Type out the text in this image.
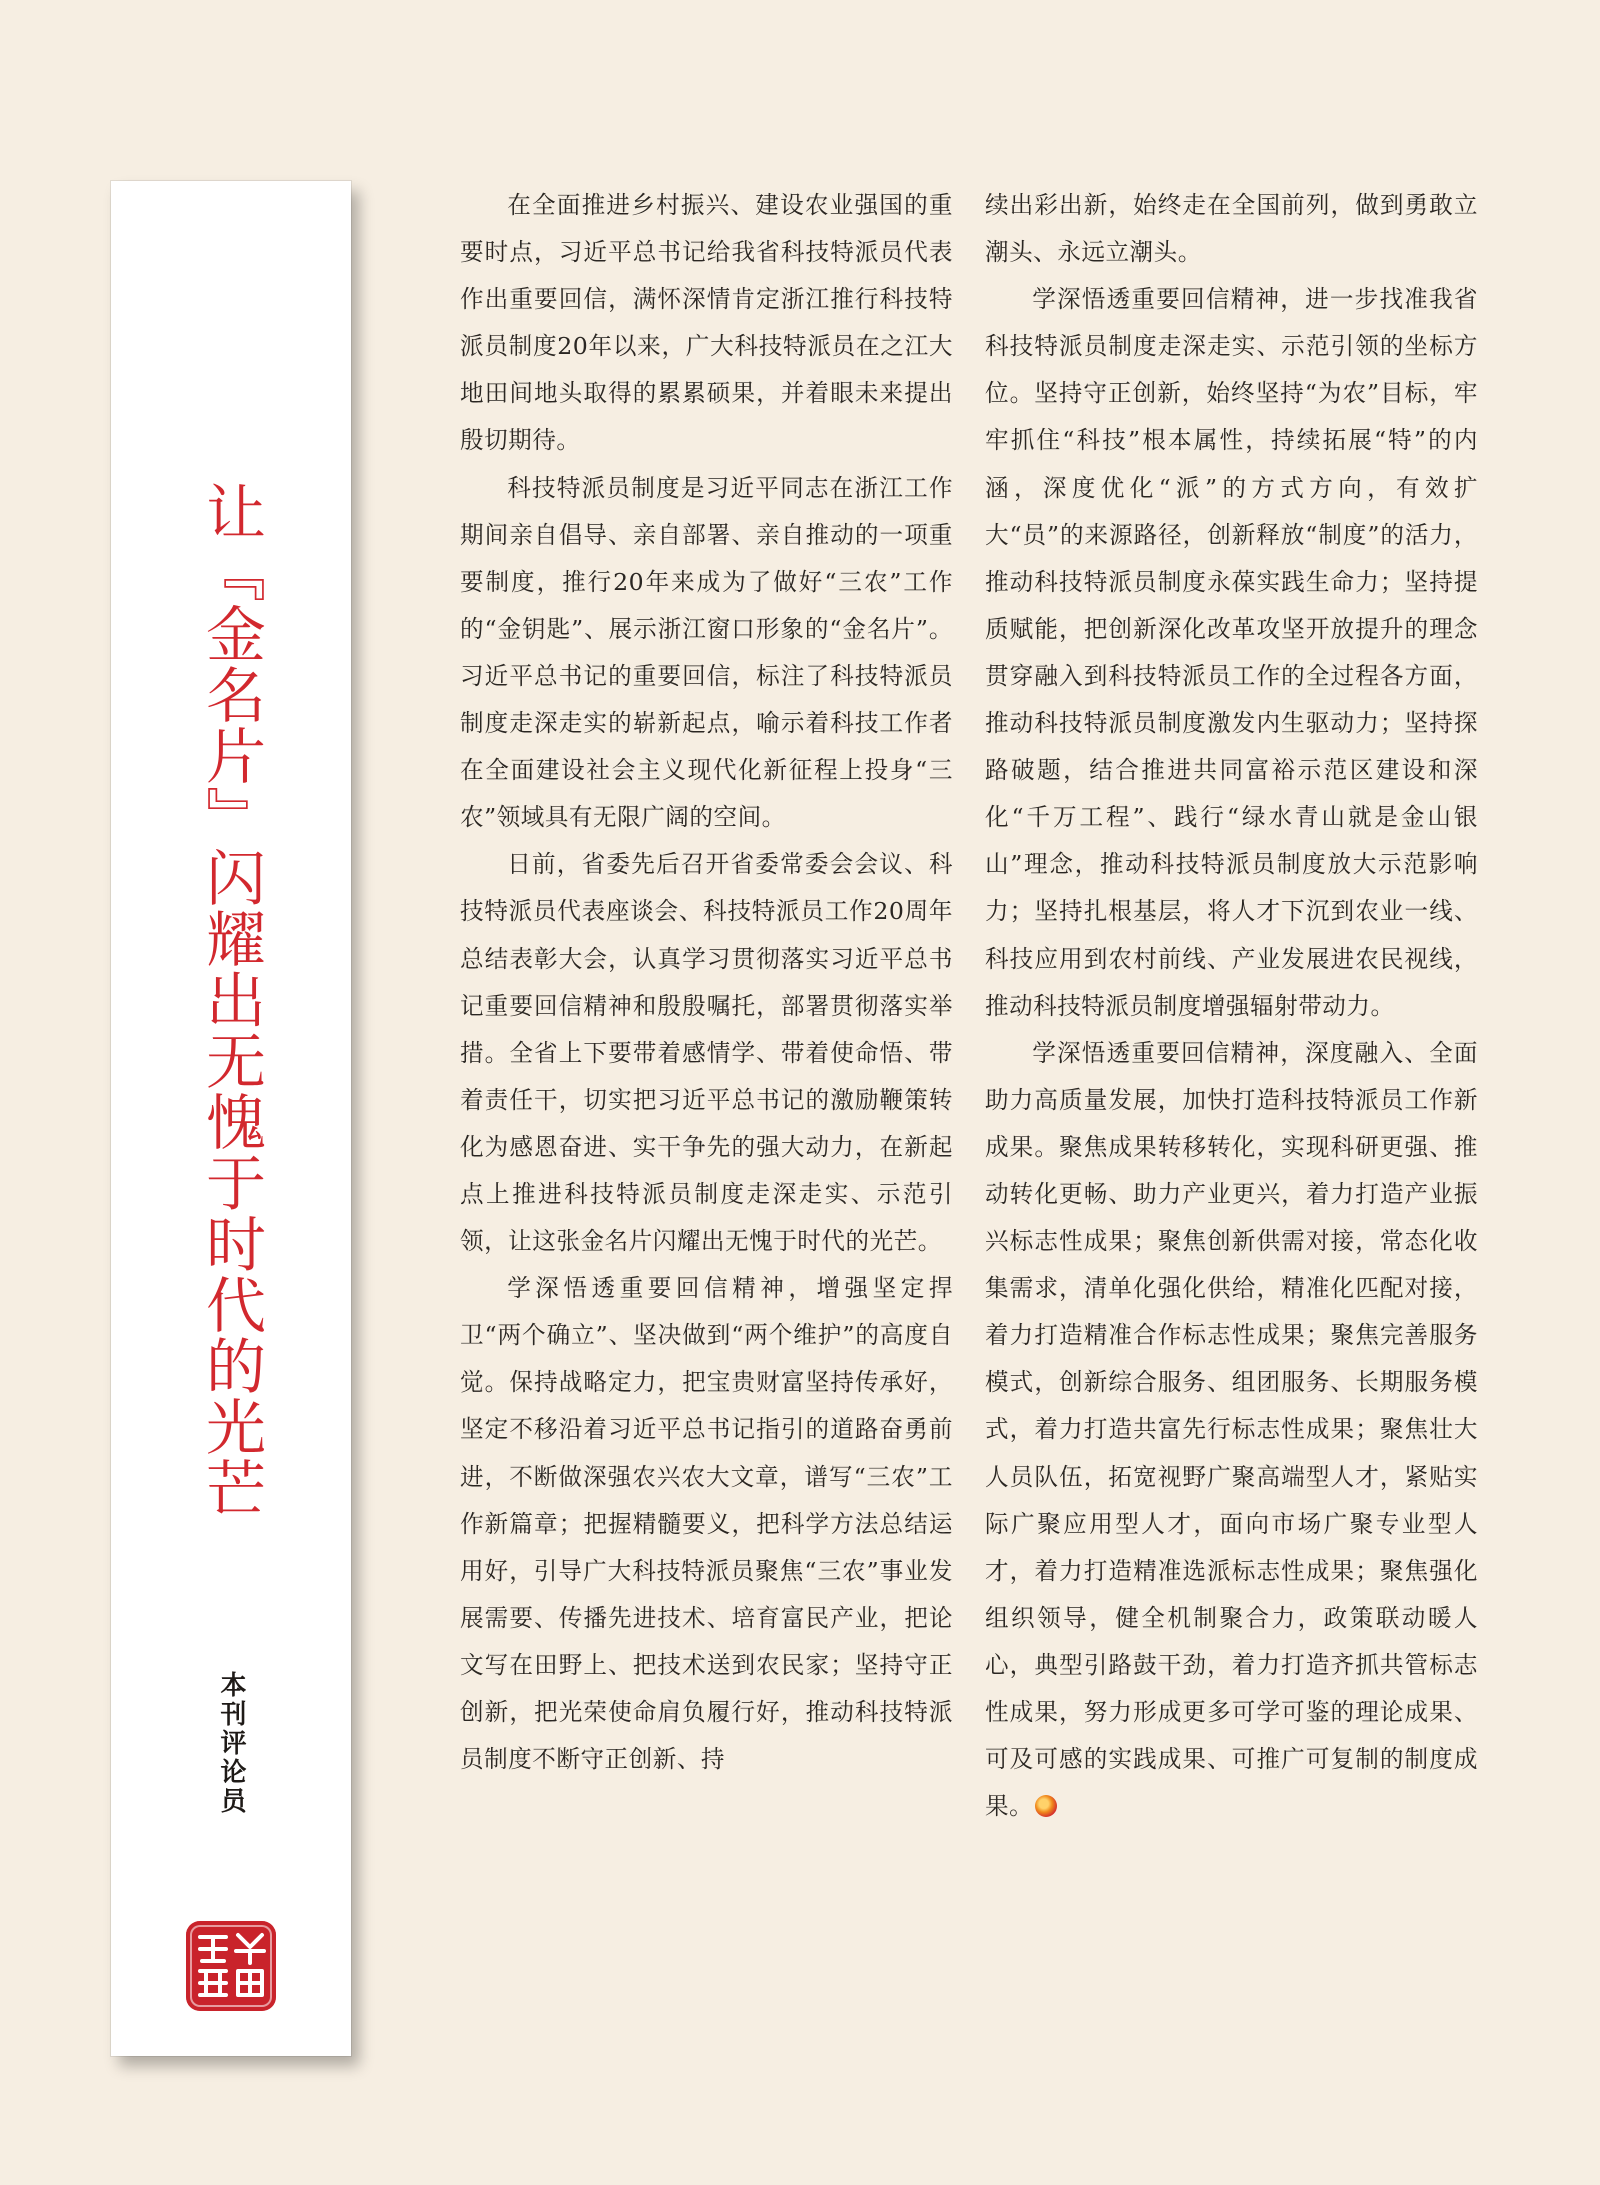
让『金名片』闪耀出无愧于时代的光芒
本刊评论员

在全面推进乡村振兴、建设农业强国的重要时点，习近平总书记给我省科技特派员代表作出重要回信，满怀深情肯定浙江推行科技特派员制度20年以来，广大科技特派员在之江大地田间地头取得的累累硕果，并着眼未来提出殷切期待。

科技特派员制度是习近平同志在浙江工作期间亲自倡导、亲自部署、亲自推动的一项重要制度，推行20年来成为了做好“三农”工作的“金钥匙”、展示浙江窗口形象的“金名片”。习近平总书记的重要回信，标注了科技特派员制度走深走实的崭新起点，喻示着科技工作者在全面建设社会主义现代化新征程上投身“三农”领域具有无限广阔的空间。

日前，省委先后召开省委常委会会议、科技特派员代表座谈会、科技特派员工作20周年总结表彰大会，认真学习贯彻落实习近平总书记重要回信精神和殷殷嘱托，部署贯彻落实举措。全省上下要带着感情学、带着使命悟、带着责任干，切实把习近平总书记的激励鞭策转化为感恩奋进、实干争先的强大动力，在新起点上推进科技特派员制度走深走实、示范引领，让这张金名片闪耀出无愧于时代的光芒。

学深悟透重要回信精神，增强坚定捍卫“两个确立”、坚决做到“两个维护”的高度自觉。保持战略定力，把宝贵财富坚持传承好，坚定不移沿着习近平总书记指引的道路奋勇前进，不断做深强农兴农大文章，谱写“三农”工作新篇章；把握精髓要义，把科学方法总结运用好，引导广大科技特派员聚焦“三农”事业发展需要、传播先进技术、培育富民产业，把论文写在田野上、把技术送到农民家；坚持守正创新，把光荣使命肩负履行好，推动科技特派员制度不断守正创新、持

续出彩出新，始终走在全国前列，做到勇敢立潮头、永远立潮头。

学深悟透重要回信精神，进一步找准我省科技特派员制度走深走实、示范引领的坐标方位。坚持守正创新，始终坚持“为农”目标，牢牢抓住“科技”根本属性，持续拓展“特”的内涵，深度优化“派”的方式方向，有效扩大“员”的来源路径，创新释放“制度”的活力，推动科技特派员制度永葆实践生命力；坚持提质赋能，把创新深化改革攻坚开放提升的理念贯穿融入到科技特派员工作的全过程各方面，推动科技特派员制度激发内生驱动力；坚持探路破题，结合推进共同富裕示范区建设和深化“千万工程”、践行“绿水青山就是金山银山”理念，推动科技特派员制度放大示范影响力；坚持扎根基层，将人才下沉到农业一线、科技应用到农村前线、产业发展进农民视线，推动科技特派员制度增强辐射带动力。

学深悟透重要回信精神，深度融入、全面助力高质量发展，加快打造科技特派员工作新成果。聚焦成果转移转化，实现科研更强、推动转化更畅、助力产业更兴，着力打造产业振兴标志性成果；聚焦创新供需对接，常态化收集需求，清单化强化供给，精准化匹配对接，着力打造精准合作标志性成果；聚焦完善服务模式，创新综合服务、组团服务、长期服务模式，着力打造共富先行标志性成果；聚焦壮大人员队伍，拓宽视野广聚高端型人才，紧贴实际广聚应用型人才，面向市场广聚专业型人才，着力打造精准选派标志性成果；聚焦强化组织领导，健全机制聚合力，政策联动暖人心，典型引路鼓干劲，着力打造齐抓共管标志性成果，努力形成更多可学可鉴的理论成果、可及可感的实践成果、可推广可复制的制度成果。
